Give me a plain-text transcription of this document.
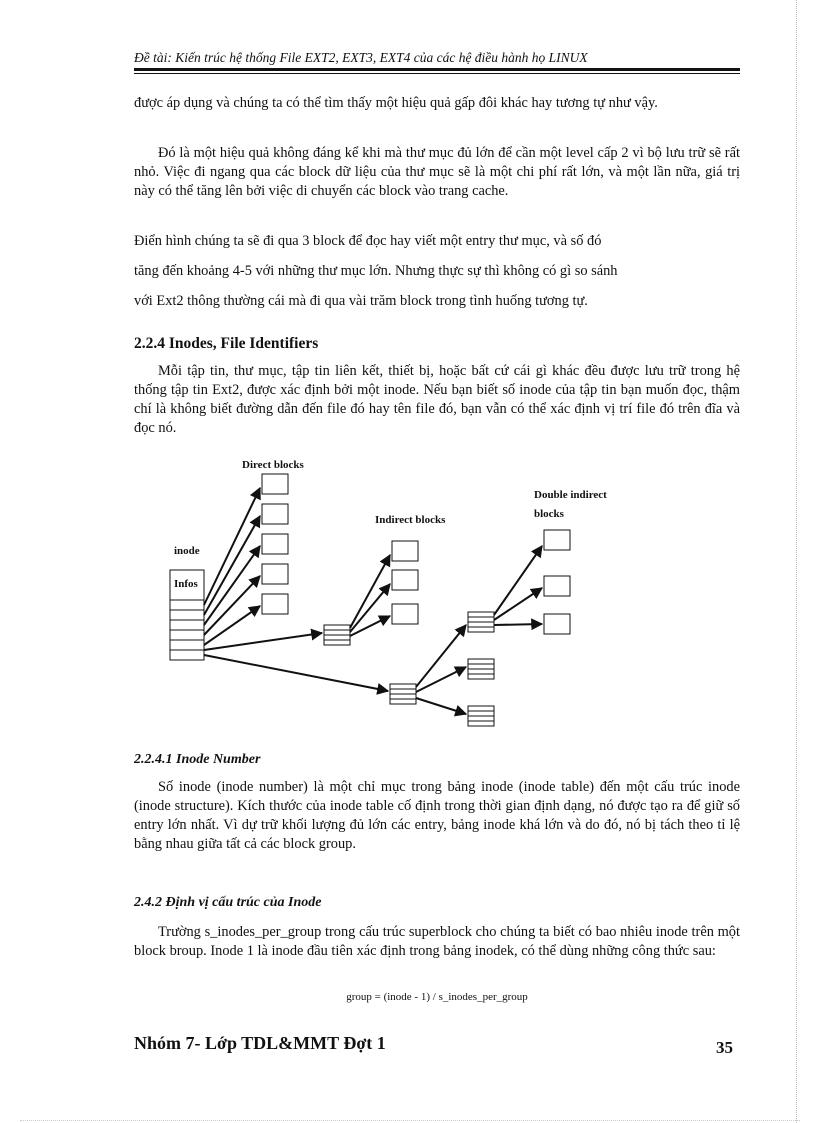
Đề tài: Kiến trúc hệ thống File EXT2, EXT3, EXT4 của các hệ điều hành họ LINUX
được áp dụng và chúng ta có thể tìm thấy một hiệu quả gấp đôi khác hay tương tự như vậy.
Đó là một hiệu quả không đáng kể khi mà thư mục đủ lớn để cần một level cấp 2 vì bộ lưu trữ sẽ rất nhỏ. Việc đi ngang qua các block dữ liệu của thư mục sẽ là một chi phí rất lớn, và một lần nữa, giá trị này có thể tăng lên bởi việc di chuyển các block vào trang cache.
Điển hình chúng ta sẽ đi qua 3 block để đọc hay viết một entry thư mục, và số đó
tăng đến khoảng 4-5 với những thư mục lớn. Nhưng thực sự thì không có gì so sánh
với Ext2 thông thường cái mà đi qua vài trăm block trong tình huống tương tự.
2.2.4 Inodes, File Identifiers
Mỗi tập tin, thư mục, tập tin liên kết, thiết bị, hoặc bất cứ cái gì khác đều được lưu trữ trong hệ thống tập tin Ext2, được xác định bởi một inode. Nếu bạn biết số inode của tập tin bạn muốn đọc, thậm chí là không biết đường dẫn đến file đó hay tên file đó, bạn vẫn có thể xác định vị trí file đó trên đĩa và đọc nó.
Direct blocks
Indirect blocks
Double indirect
blocks
inode
Infos
2.2.4.1 Inode Number
Số inode (inode number) là một chỉ mục trong bảng inode (inode table) đến một cấu trúc inode (inode structure). Kích thước của inode table cố định trong thời gian định dạng, nó được tạo ra để giữ số entry lớn nhất. Vì dự trữ khối lượng đủ lớn các entry, bảng inode khá lớn và do đó, nó bị tách theo tỉ lệ bằng nhau giữa tất cả các block group.
2.4.2 Định vị cấu trúc của Inode
Trường s_inodes_per_group trong cấu trúc superblock cho chúng ta biết có bao nhiêu inode trên một block broup. Inode 1 là inode đầu tiên xác định trong bảng inodek, có thể dùng những công thức sau:
group = (inode - 1) / s_inodes_per_group
Nhóm 7- Lớp TDL&MMT Đợt 1	35
